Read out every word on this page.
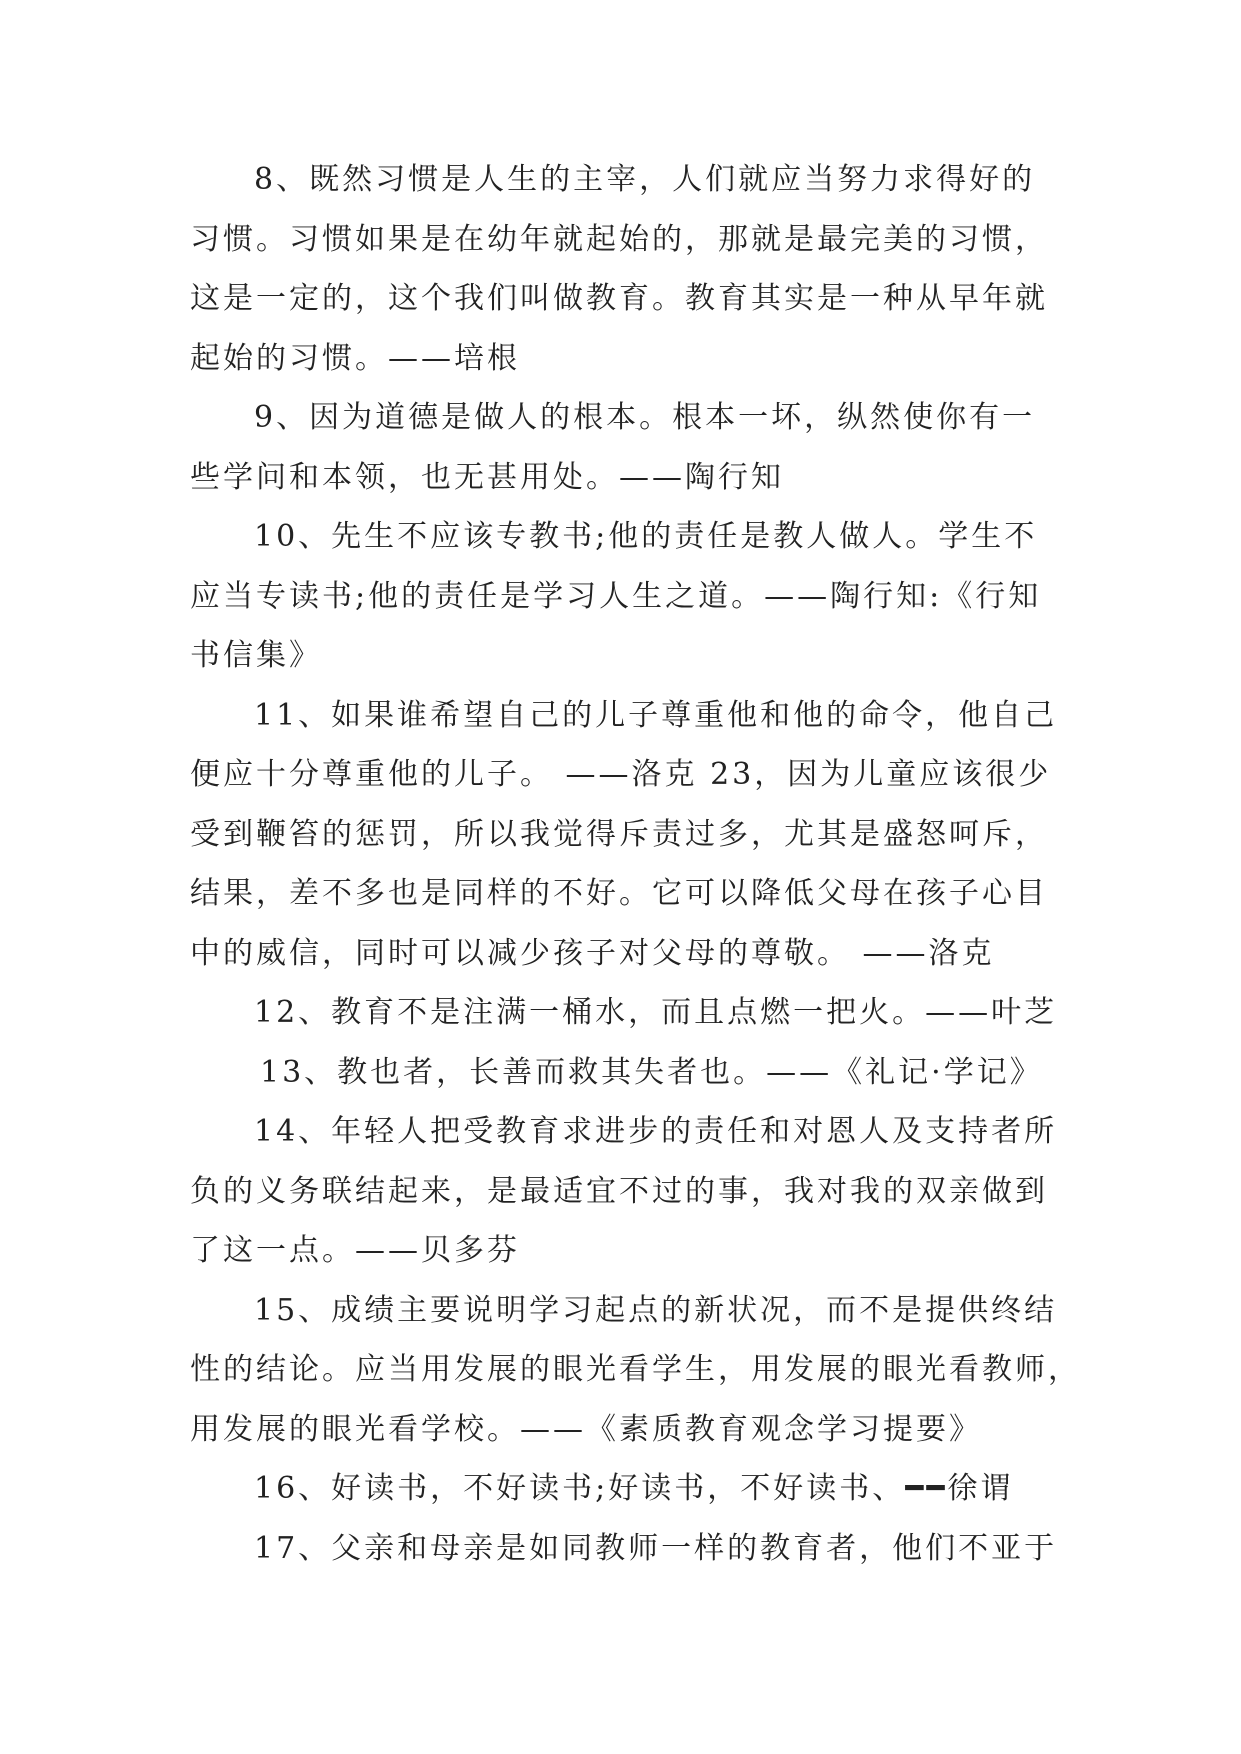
8、既然习惯是人生的主宰，人们就应当努力求得好的
习惯。习惯如果是在幼年就起始的，那就是最完美的习惯，
这是一定的，这个我们叫做教育。教育其实是一种从早年就
起始的习惯。——培根
9、因为道德是做人的根本。根本一坏，纵然使你有一
些学问和本领，也无甚用处。——陶行知
10、先生不应该专教书;他的责任是教人做人。学生不
应当专读书;他的责任是学习人生之道。——陶行知:《行知
书信集》
11、如果谁希望自己的儿子尊重他和他的命令，他自己
便应十分尊重他的儿子。 ——洛克 23，因为儿童应该很少
受到鞭笞的惩罚，所以我觉得斥责过多，尤其是盛怒呵斥，
结果，差不多也是同样的不好。它可以降低父母在孩子心目
中的威信，同时可以减少孩子对父母的尊敬。 ——洛克
12、教育不是注满一桶水，而且点燃一把火。——叶芝
13、教也者，长善而救其失者也。——《礼记·学记》
14、年轻人把受教育求进步的责任和对恩人及支持者所
负的义务联结起来，是最适宜不过的事，我对我的双亲做到
了这一点。——贝多芬
15、成绩主要说明学习起点的新状况，而不是提供终结
性的结论。应当用发展的眼光看学生，用发展的眼光看教师，
用发展的眼光看学校。——《素质教育观念学习提要》
16、好读书，不好读书;好读书，不好读书、━━徐谓
17、父亲和母亲是如同教师一样的教育者，他们不亚于
